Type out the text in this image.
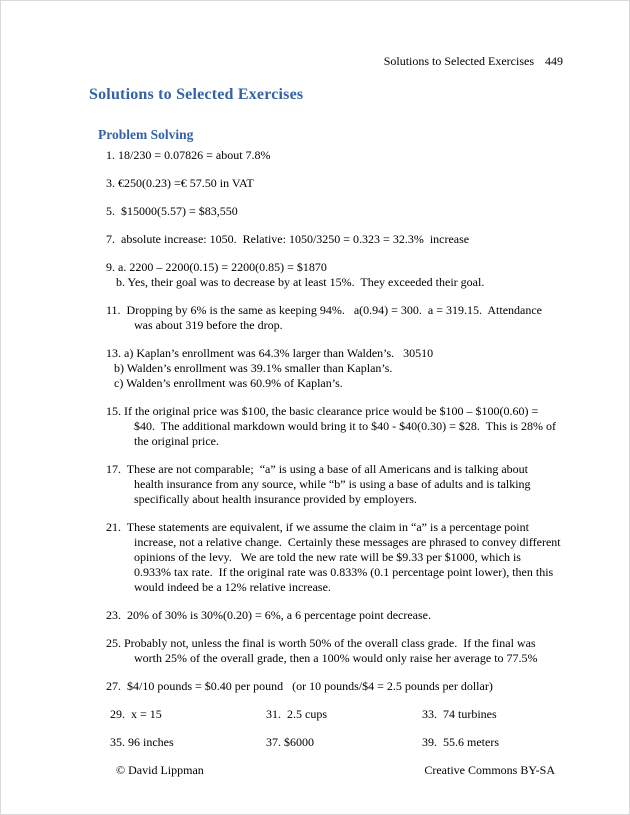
Solutions to Selected Exercises 449

Solutions to Selected Exercises
Problem Solving
1. 18/230 = 0.07826 = about 7.8%
3. €250(0.23) =€ 57.50 in VAT
5.  $15000(5.57) = $83,550
7.  absolute increase: 1050.  Relative: 1050/3250 = 0.323 = 32.3%  increase
9. a. 2200 – 2200(0.15) = 2200(0.85) = $1870
b. Yes, their goal was to decrease by at least 15%.  They exceeded their goal.
11.  Dropping by 6% is the same as keeping 94%.   a(0.94) = 300.  a = 319.15.  Attendance
was about 319 before the drop.
13. a) Kaplan’s enrollment was 64.3% larger than Walden’s.   30510
b) Walden’s enrollment was 39.1% smaller than Kaplan’s.
c) Walden’s enrollment was 60.9% of Kaplan’s.
15. If the original price was $100, the basic clearance price would be $100 – $100(0.60) =
$40.  The additional markdown would bring it to $40 - $40(0.30) = $28.  This is 28% of
the original price.
17.  These are not comparable;  “a” is using a base of all Americans and is talking about
health insurance from any source, while “b” is using a base of adults and is talking
specifically about health insurance provided by employers.
21.  These statements are equivalent, if we assume the claim in “a” is a percentage point
increase, not a relative change.  Certainly these messages are phrased to convey different
opinions of the levy.   We are told the new rate will be $9.33 per $1000, which is
0.933% tax rate.  If the original rate was 0.833% (0.1 percentage point lower), then this
would indeed be a 12% relative increase.
23.  20% of 30% is 30%(0.20) = 6%, a 6 percentage point decrease.
25. Probably not, unless the final is worth 50% of the overall class grade.  If the final was
worth 25% of the overall grade, then a 100% would only raise her average to 77.5%
27.  $4/10 pounds = $0.40 per pound   (or 10 pounds/$4 = 2.5 pounds per dollar)
29.  x = 15	31.  2.5 cups	33.  74 turbines
35. 96 inches	37. $6000	39.  55.6 meters
© David Lippman	Creative Commons BY-SA
